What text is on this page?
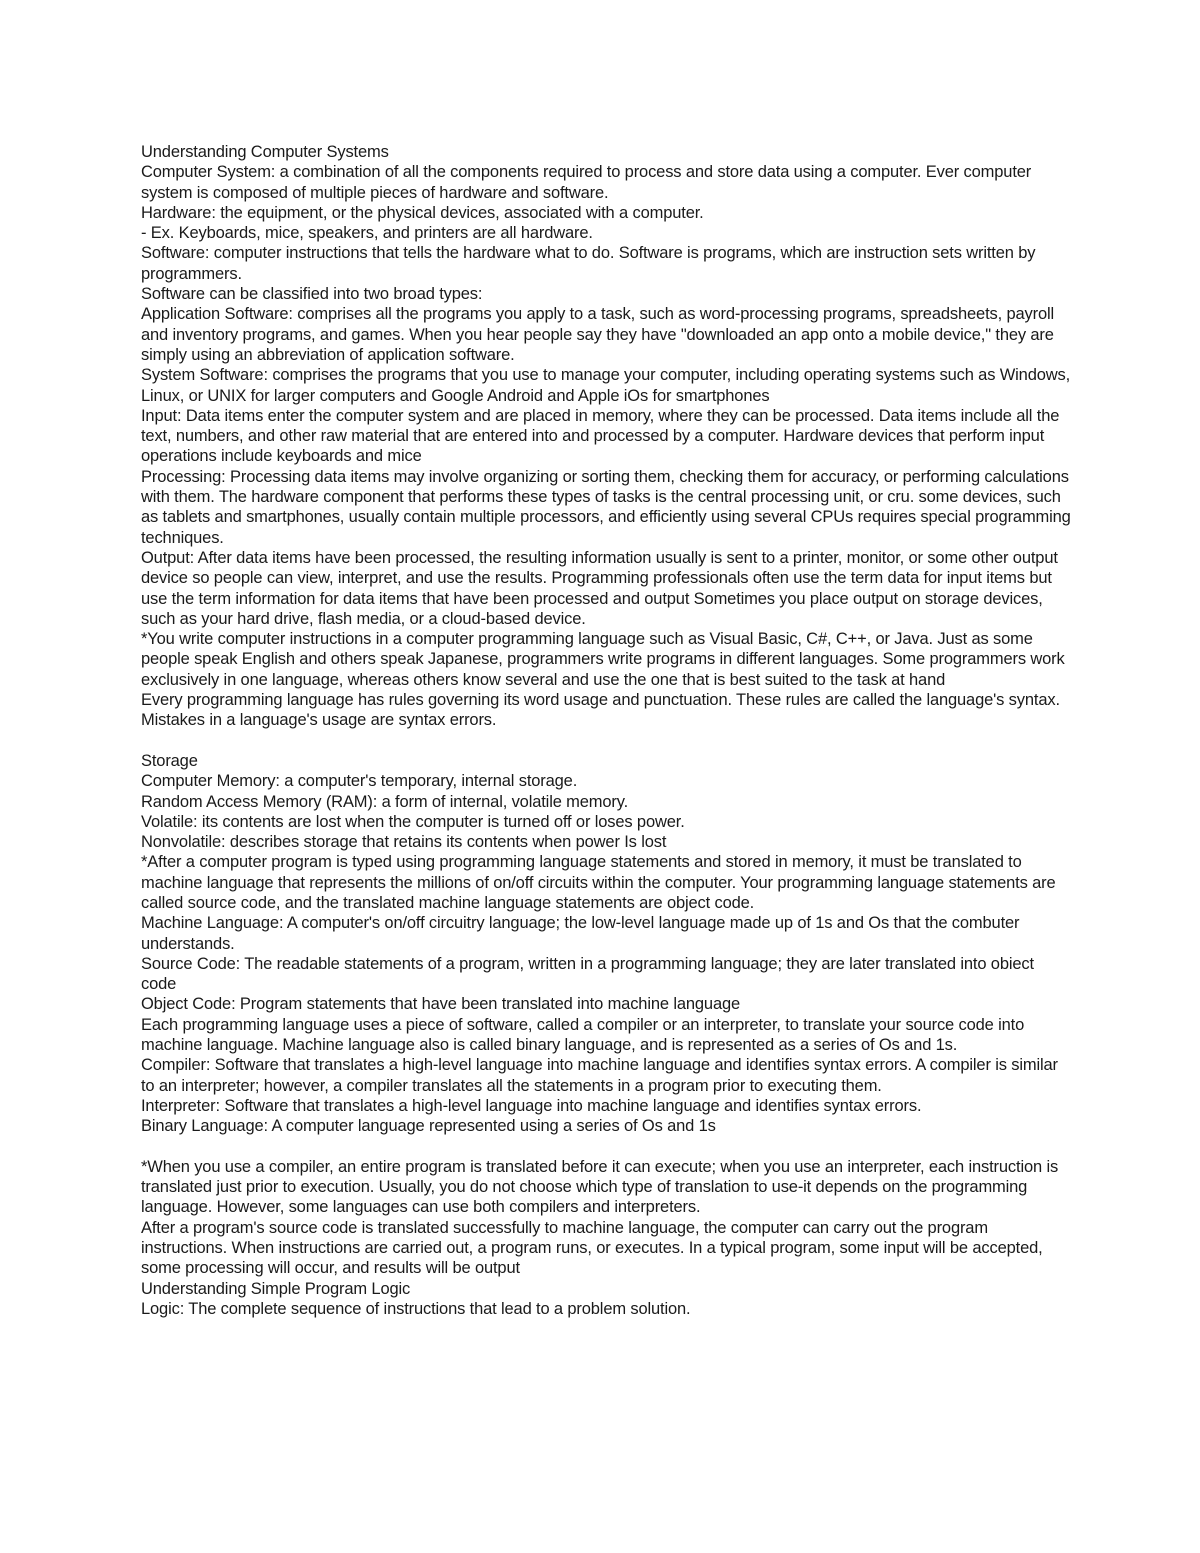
Understanding Computer Systems

Computer System: a combination of all the components required to process and store data using a computer. Ever computer system is composed of multiple pieces of hardware and software.

Hardware: the equipment, or the physical devices, associated with a computer.

- Ex. Keyboards, mice, speakers, and printers are all hardware.

Software: computer instructions that tells the hardware what to do. Software is programs, which are instruction sets written by programmers.

Software can be classified into two broad types:

Application Software: comprises all the programs you apply to a task, such as word-processing programs, spreadsheets, payroll and inventory programs, and games. When you hear people say they have "downloaded an app onto a mobile device," they are simply using an abbreviation of application software.

System Software: comprises the programs that you use to manage your computer, including operating systems such as Windows, Linux, or UNIX for larger computers and Google Android and Apple iOs for smartphones

Input: Data items enter the computer system and are placed in memory, where they can be processed. Data items include all the text, numbers, and other raw material that are entered into and processed by a computer. Hardware devices that perform input operations include keyboards and mice

Processing: Processing data items may involve organizing or sorting them, checking them for accuracy, or performing calculations with them. The hardware component that performs these types of tasks is the central processing unit, or cru. some devices, such as tablets and smartphones, usually contain multiple processors, and efficiently using several CPUs requires special programming techniques.

Output: After data items have been processed, the resulting information usually is sent to a printer, monitor, or some other output device so people can view, interpret, and use the results. Programming professionals often use the term data for input items but use the term information for data items that have been processed and output Sometimes you place output on storage devices, such as your hard drive, flash media, or a cloud-based device.

*You write computer instructions in a computer programming language such as Visual Basic, C#, C++, or Java. Just as some people speak English and others speak Japanese, programmers write programs in different languages. Some programmers work exclusively in one language, whereas others know several and use the one that is best suited to the task at hand

Every programming language has rules governing its word usage and punctuation. These rules are called the language's syntax. Mistakes in a language's usage are syntax errors.

Storage

Computer Memory: a computer's temporary, internal storage.

Random Access Memory (RAM): a form of internal, volatile memory.

Volatile: its contents are lost when the computer is turned off or loses power.

Nonvolatile: describes storage that retains its contents when power Is lost

*After a computer program is typed using programming language statements and stored in memory, it must be translated to machine language that represents the millions of on/off circuits within the computer. Your programming language statements are called source code, and the translated machine language statements are object code.

Machine Language: A computer's on/off circuitry language; the low-level language made up of 1s and Os that the combuter understands.

Source Code: The readable statements of a program, written in a programming language; they are later translated into obiect code

Object Code: Program statements that have been translated into machine language

Each programming language uses a piece of software, called a compiler or an interpreter, to translate your source code into machine language. Machine language also is called binary language, and is represented as a series of Os and 1s.

Compiler: Software that translates a high-level language into machine language and identifies syntax errors. A compiler is similar to an interpreter; however, a compiler translates all the statements in a program prior to executing them.

Interpreter: Software that translates a high-level language into machine language and identifies syntax errors.

Binary Language: A computer language represented using a series of Os and 1s

*When you use a compiler, an entire program is translated before it can execute; when you use an interpreter, each instruction is translated just prior to execution. Usually, you do not choose which type of translation to use-it depends on the programming language. However, some languages can use both compilers and interpreters.

After a program's source code is translated successfully to machine language, the computer can carry out the program instructions. When instructions are carried out, a program runs, or executes. In a typical program, some input will be accepted, some processing will occur, and results will be output

Understanding Simple Program Logic

Logic: The complete sequence of instructions that lead to a problem solution.
